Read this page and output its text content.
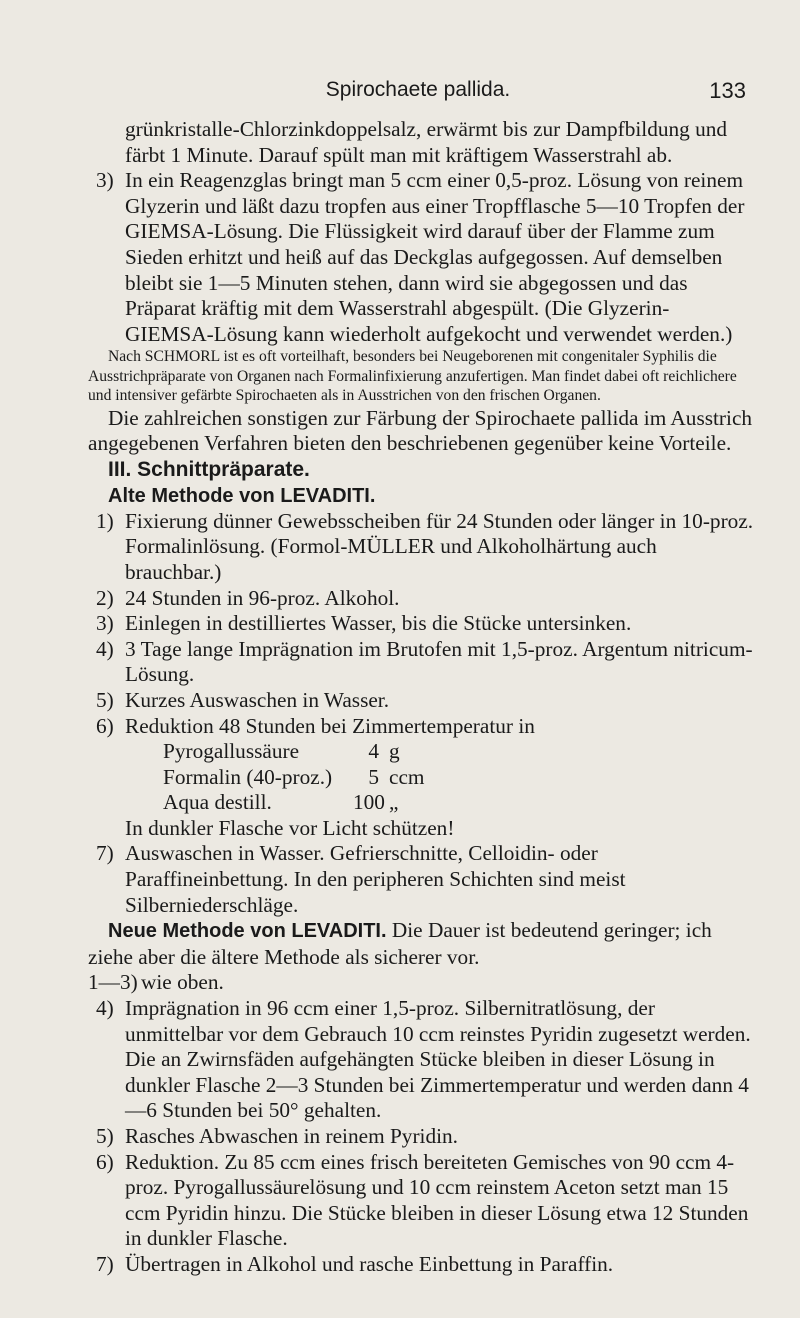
Spirochaete pallida.	133

grünkristalle-Chlorzinkdoppelsalz, erwärmt bis zur Dampfbildung und färbt 1 Minute. Darauf spült man mit kräftigem Wasserstrahl ab.

3) In ein Reagenzglas bringt man 5 ccm einer 0,5-proz. Lösung von reinem Glyzerin und läßt dazu tropfen aus einer Tropfflasche 5—10 Tropfen der GIEMSA-Lösung. Die Flüssigkeit wird darauf über der Flamme zum Sieden erhitzt und heiß auf das Deckglas aufgegossen. Auf demselben bleibt sie 1—5 Minuten stehen, dann wird sie abgegossen und das Präparat kräftig mit dem Wasserstrahl abgespült. (Die Glyzerin-GIEMSA-Lösung kann wiederholt aufgekocht und verwendet werden.)

Nach SCHMORL ist es oft vorteilhaft, besonders bei Neugeborenen mit congenitaler Syphilis die Ausstrichpräparate von Organen nach Formalinfixierung anzufertigen. Man findet dabei oft reichlichere und intensiver gefärbte Spirochaeten als in Ausstrichen von den frischen Organen.

Die zahlreichen sonstigen zur Färbung der Spirochaete pallida im Ausstrich angegebenen Verfahren bieten den beschriebenen gegenüber keine Vorteile.

III. Schnittpräparate.
Alte Methode von LEVADITI.
1) Fixierung dünner Gewebsscheiben für 24 Stunden oder länger in 10-proz. Formalinlösung. (Formol-MÜLLER und Alkoholhärtung auch brauchbar.)

2) 24 Stunden in 96-proz. Alkohol.

3) Einlegen in destilliertes Wasser, bis die Stücke untersinken.

4) 3 Tage lange Imprägnation im Brutofen mit 1,5-proz. Argentum nitricum-Lösung.

5) Kurzes Auswaschen in Wasser.

6) Reduktion 48 Stunden bei Zimmertemperatur in

Pyrogallussäure	4 g
Formalin (40-proz.)	5 ccm
Aqua destill.	100 „

In dunkler Flasche vor Licht schützen!

7) Auswaschen in Wasser. Gefrierschnitte, Celloidin- oder Paraffineinbettung. In den peripheren Schichten sind meist Silberniederschläge.

Neue Methode von LEVADITI. Die Dauer ist bedeutend geringer; ich ziehe aber die ältere Methode als sicherer vor.

1—3) wie oben.

4) Imprägnation in 96 ccm einer 1,5-proz. Silbernitratlösung, der unmittelbar vor dem Gebrauch 10 ccm reinstes Pyridin zugesetzt werden. Die an Zwirnsfäden aufgehängten Stücke bleiben in dieser Lösung in dunkler Flasche 2—3 Stunden bei Zimmertemperatur und werden dann 4—6 Stunden bei 50° gehalten.

5) Rasches Abwaschen in reinem Pyridin.

6) Reduktion. Zu 85 ccm eines frisch bereiteten Gemisches von 90 ccm 4-proz. Pyrogallussäurelösung und 10 ccm reinstem Aceton setzt man 15 ccm Pyridin hinzu. Die Stücke bleiben in dieser Lösung etwa 12 Stunden in dunkler Flasche.

7) Übertragen in Alkohol und rasche Einbettung in Paraffin.
